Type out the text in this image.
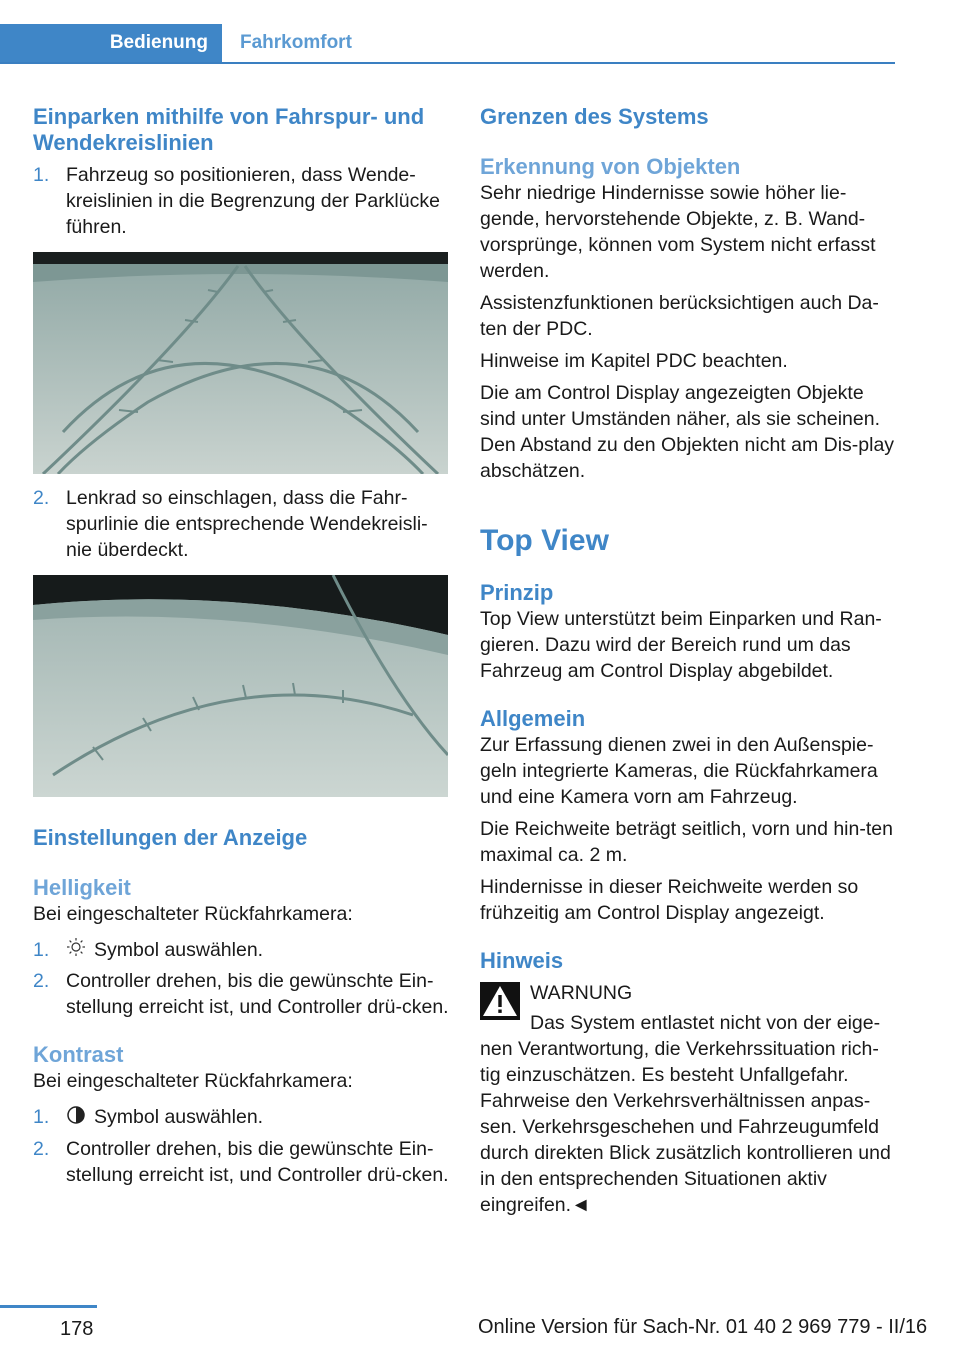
Bedienung	Fahrkomfort
Einparken mithilfe von Fahrspur- und Wendekreislinien
1. Fahrzeug so positionieren, dass Wende-kreislinien in die Begrenzung der Parklücke führen.
2. Lenkrad so einschlagen, dass die Fahr-spurlinie die entsprechende Wendekreisli-nie überdeckt.
Einstellungen der Anzeige
Helligkeit

Bei eingeschalteter Rückfahrkamera:

1. Symbol auswählen.
2. Controller drehen, bis die gewünschte Ein-stellung erreicht ist, und Controller drü-cken.
Kontrast

Bei eingeschalteter Rückfahrkamera:

1. Symbol auswählen.
2. Controller drehen, bis die gewünschte Ein-stellung erreicht ist, und Controller drü-cken.
Grenzen des Systems
Erkennung von Objekten

Sehr niedrige Hindernisse sowie höher lie-gende, hervorstehende Objekte, z. B. Wand-vorsprünge, können vom System nicht erfasst werden.

Assistenzfunktionen berücksichtigen auch Da-ten der PDC.

Hinweise im Kapitel PDC beachten.

Die am Control Display angezeigten Objekte sind unter Umständen näher, als sie scheinen. Den Abstand zu den Objekten nicht am Dis-play abschätzen.

Top View
Prinzip

Top View unterstützt beim Einparken und Ran-gieren. Dazu wird der Bereich rund um das Fahrzeug am Control Display abgebildet.

Allgemein

Zur Erfassung dienen zwei in den Außenspie-geln integrierte Kameras, die Rückfahrkamera und eine Kamera vorn am Fahrzeug.

Die Reichweite beträgt seitlich, vorn und hin-ten maximal ca. 2 m.

Hindernisse in dieser Reichweite werden so frühzeitig am Control Display angezeigt.

Hinweis

WARNUNG

Das System entlastet nicht von der eige-

nen Verantwortung, die Verkehrssituation rich-tig einzuschätzen. Es besteht Unfallgefahr. Fahrweise den Verkehrsverhältnissen anpas-sen. Verkehrsgeschehen und Fahrzeugumfeld durch direkten Blick zusätzlich kontrollieren und in den entsprechenden Situationen aktiv eingreifen.◄

178	Online Version für Sach-Nr. 01 40 2 969 779 - II/16
